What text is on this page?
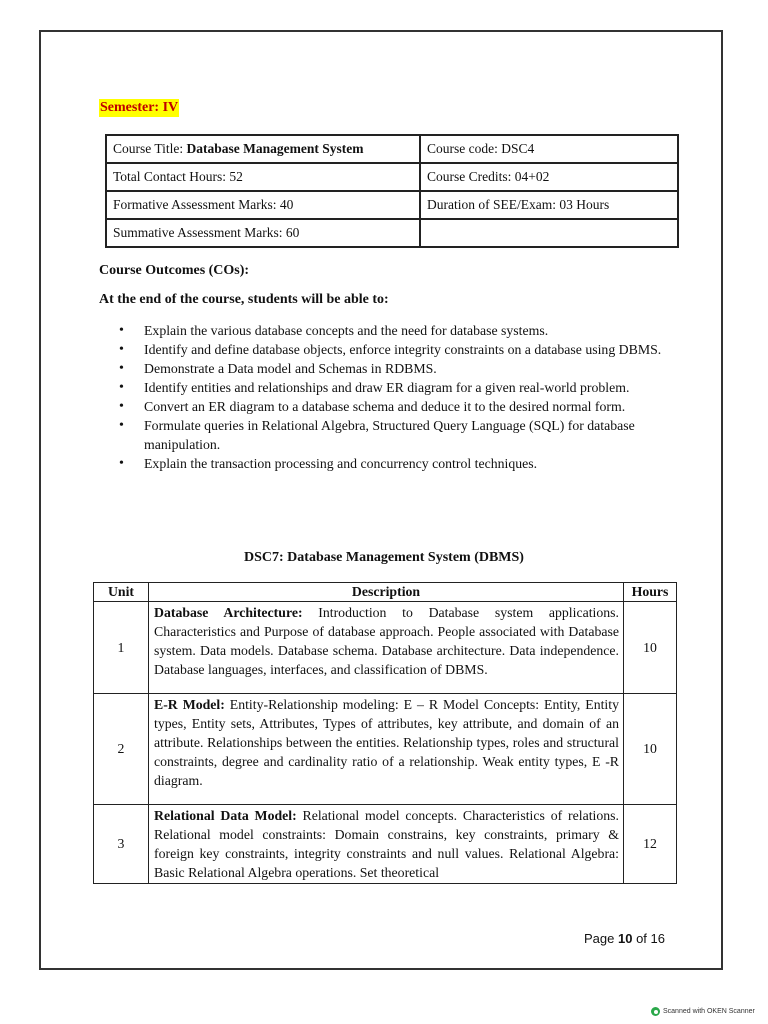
Semester: IV
Course Title: Database Management System	Course code: DSC4
Total Contact Hours: 52	Course Credits: 04+02
Formative Assessment Marks: 40	Duration of SEE/Exam: 03 Hours
Summative Assessment Marks: 60	
Course Outcomes (COs):
At the end of the course, students will be able to:
• Explain the various database concepts and the need for database systems.
• Identify and define database objects, enforce integrity constraints on a database using DBMS.
• Demonstrate a Data model and Schemas in RDBMS.
• Identify entities and relationships and draw ER diagram for a given real-world problem.
• Convert an ER diagram to a database schema and deduce it to the desired normal form.
• Formulate queries in Relational Algebra, Structured Query Language (SQL) for database manipulation.
• Explain the transaction processing and concurrency control techniques.
DSC7: Database Management System (DBMS)
Unit	Description	Hours
1	Database Architecture: Introduction to Database system applications. Characteristics and Purpose of database approach. People associated with Database system. Data models. Database schema. Database architecture. Data independence. Database languages, interfaces, and classification of DBMS.	10
2	E-R Model: Entity-Relationship modeling: E – R Model Concepts: Entity, Entity types, Entity sets, Attributes, Types of attributes, key attribute, and domain of an attribute. Relationships between the entities. Relationship types, roles and structural constraints, degree and cardinality ratio of a relationship. Weak entity types, E -R diagram.	10
3	Relational Data Model: Relational model concepts. Characteristics of relations. Relational model constraints: Domain constrains, key constraints, primary & foreign key constraints, integrity constraints and null values. Relational Algebra: Basic Relational Algebra operations. Set theoretical	12
Page 10 of 16
Scanned with OKEN Scanner
